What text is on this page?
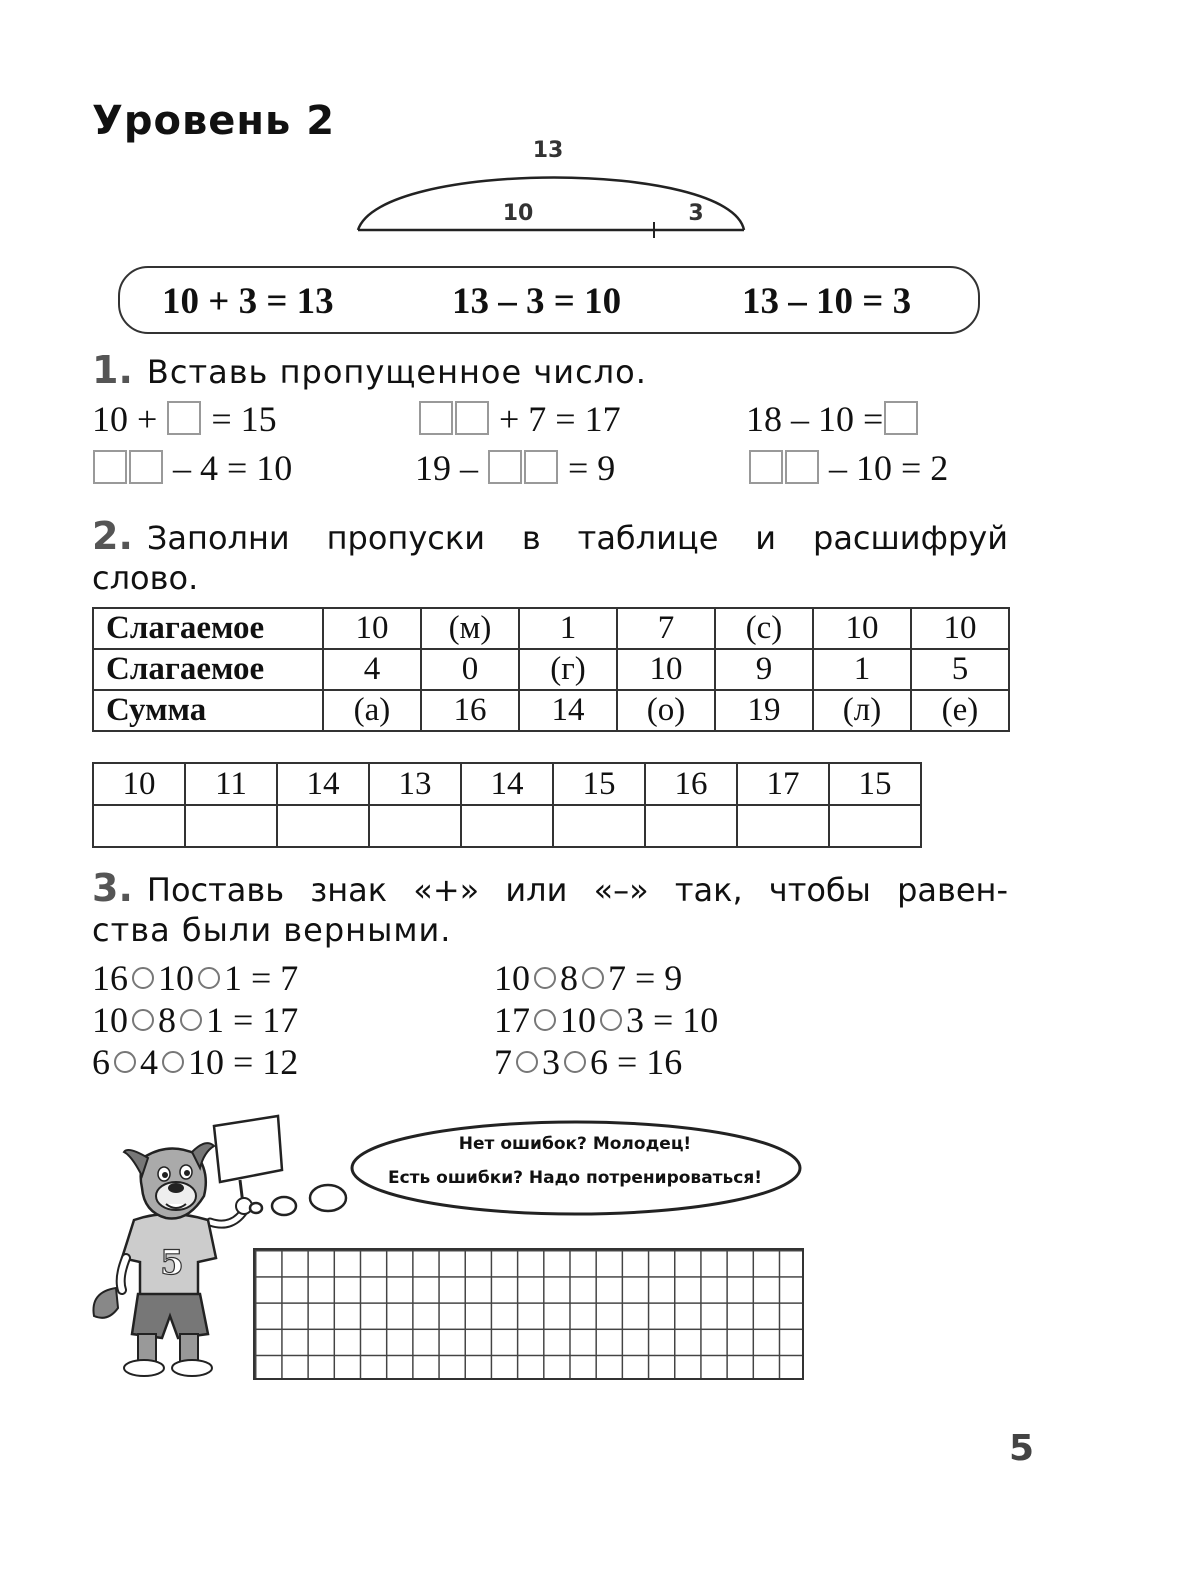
Уровень 2
13
10	3
10 + 3 = 13	13 – 3 = 10	13 – 10 = 3
1. Вставь пропущенное число.
10 + = 15	+ 7 = 17	18 – 10 =
– 4 = 10	19 –	= 9	– 10 = 2
2. Заполни пропуски в таблице и расшифруй
слово.
Слагаемое	10	(м)	1	7	(с)	10	10
Слагаемое	4	0	(г)	10	9	1	5
Сумма	(а)	16	14	(о)	19	(л)	(е)
10	11	14	13	14	15	16	17	15

3. Поставь знак «+» или «–» так, чтобы равен-
ства были верными.
16 10 1 = 7
10 8 1 = 17
6 4 10 = 12
10 8 7 = 9
17 10 3 = 10
7 3 6 = 16
5
Нет ошибок? Молодец!
Есть ошибки? Надо потренироваться!
5
